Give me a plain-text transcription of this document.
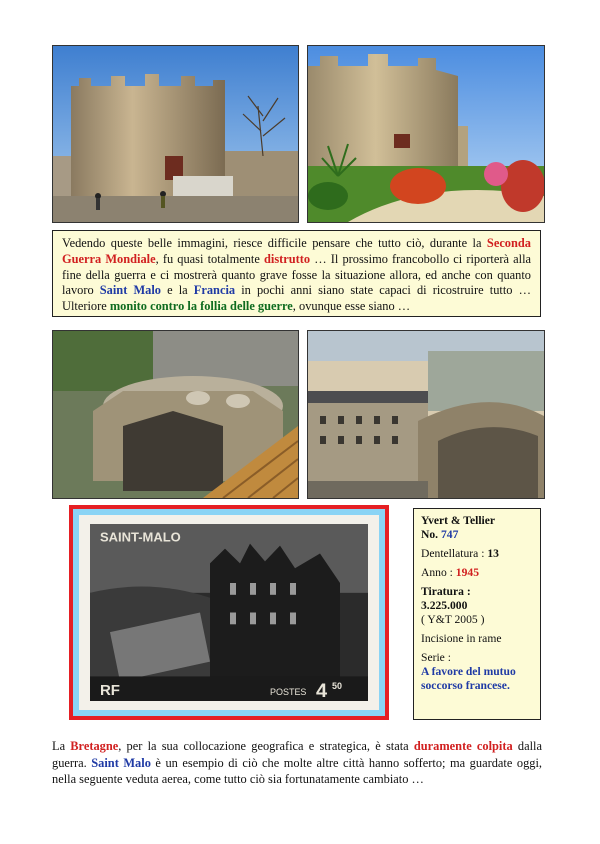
Vedendo queste belle immagini, riesce difficile pensare che tutto ciò, durante la Seconda Guerra Mondiale, fu quasi totalmente distrutto … Il prossimo francobollo ci riporterà alla fine della guerra e ci mostrerà quanto grave fosse la situazione allora, ed anche con quanto lavoro Saint Malo e la Francia in pochi anni siano state capaci di ricostruire tutto … Ulteriore monito contro la follia delle guerre, ovunque esse siano …
SAINT-MALO
RF	POSTES 4 50
Yvert & Tellier
No. 747
Dentellatura : 13
Anno : 1945
Tiratura :
3.225.000
( Y&T 2005 )
Incisione in rame
Serie :
A favore del mutuo soccorso francese.
La Bretagne, per la sua collocazione geografica e strategica, è stata duramente colpita dalla guerra. Saint Malo è un esempio di ciò che molte altre città hanno sofferto; ma guardate oggi, nella seguente veduta aerea, come tutto ciò sia fortunatamente cambiato …
